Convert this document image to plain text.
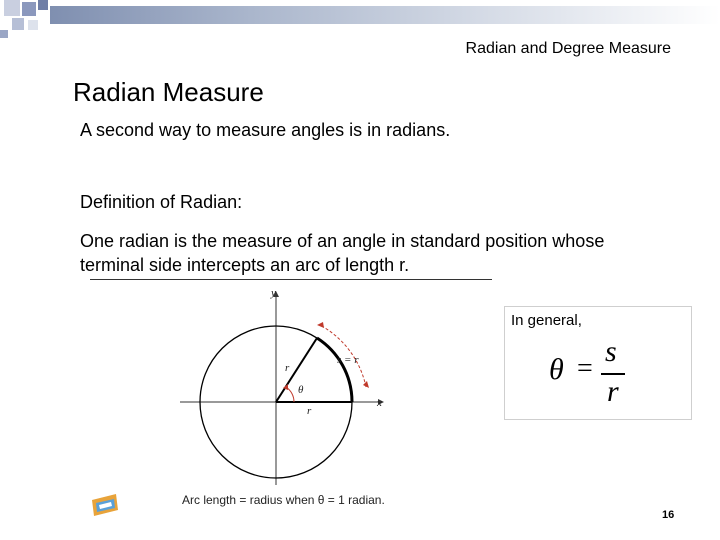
Radian and Degree Measure
Radian Measure
A second way to measure angles is in radians.
Definition of Radian:
One radian is the measure of an angle in standard position whose terminal side intercepts an arc of length r.
y
x
r
r
θ
s = r
Arc length = radius when θ = 1 radian.
In general,
θ =
s
r
16
